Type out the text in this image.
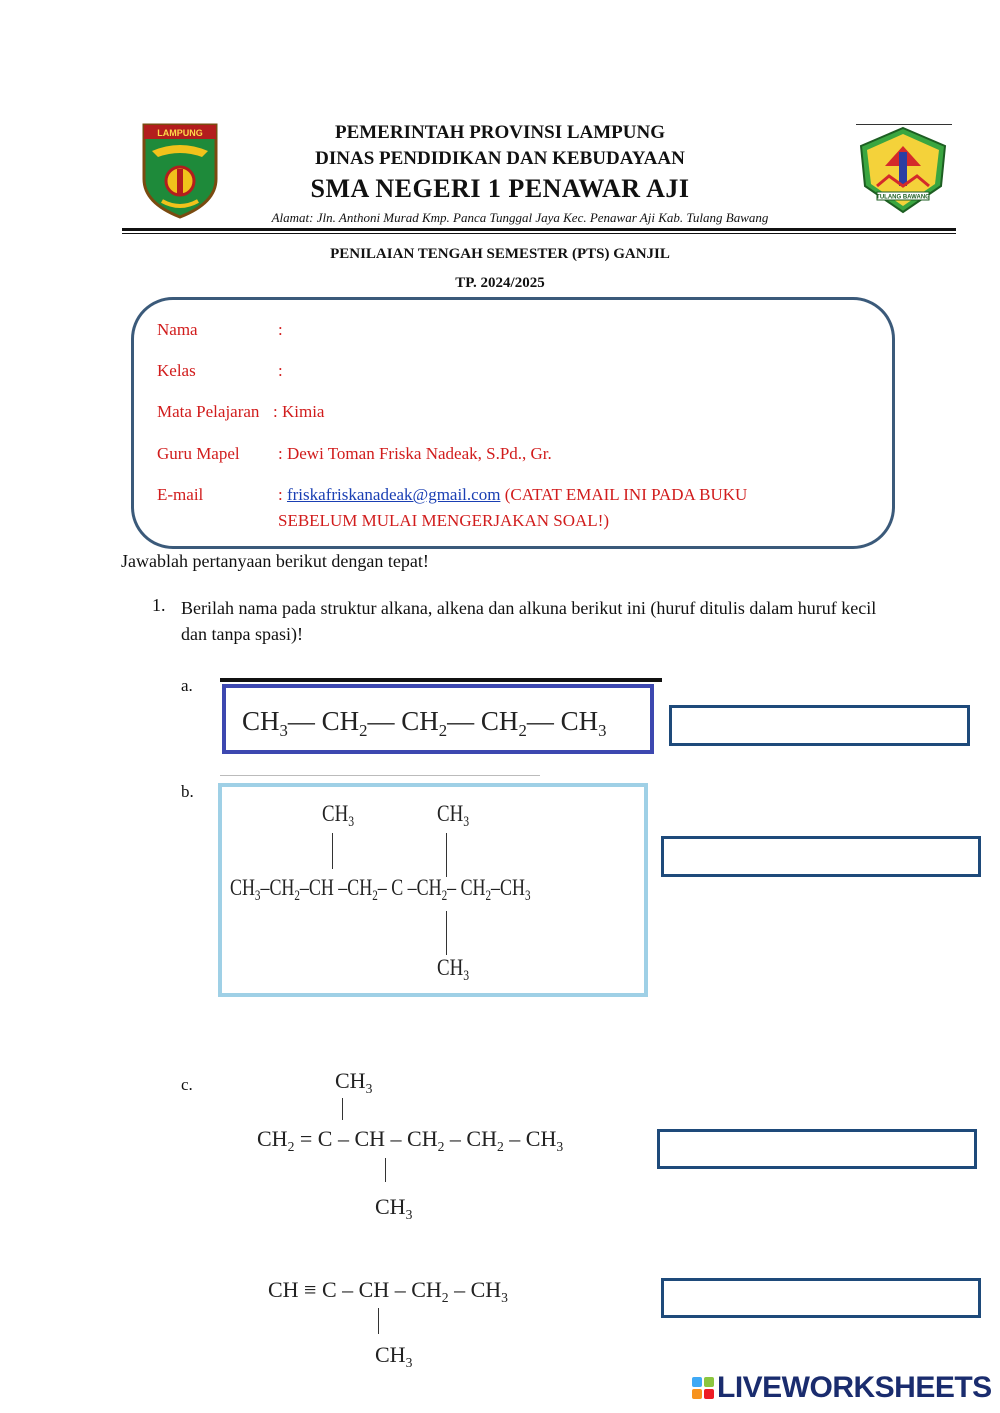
LAMPUNG
TULANG BAWANG
PEMERINTAH PROVINSI LAMPUNG
DINAS PENDIDIKAN DAN KEBUDAYAAN
SMA NEGERI 1 PENAWAR AJI
Alamat: Jln. Anthoni Murad Kmp. Panca Tunggal Jaya Kec. Penawar Aji Kab. Tulang Bawang
PENILAIAN TENGAH SEMESTER (PTS) GANJIL
TP. 2024/2025
Nama	:
Kelas	:
Mata Pelajaran : Kimia
Guru Mapel : Dewi Toman Friska Nadeak, S.Pd., Gr.
E-mail	: friskafriskanadeak@gmail.com (CATAT EMAIL INI PADA BUKU
SEBELUM MULAI MENGERJAKAN SOAL!)
Jawablah pertanyaan berikut dengan tepat!
1. Berilah nama pada struktur alkana, alkena dan alkuna berikut ini (huruf ditulis dalam huruf kecil dan tanpa spasi)!
a.
$CH_3—$ $CH_2—$ $CH_2—$ $CH_2—$ $CH_3$
b.
$CH_3$	$CH_3$
$CH_3-CH_2-CH$ $-CH_2-$ C $-CH_2-$ $CH_2-CH_3$
$CH_3$
c.	$CH_3$
$CH_2 = C$ – CH – $CH_2 - CH_2 - CH_3$
$CH_3$
CH ≡ C – CH – $CH_2 - CH_3$
$CH_3$
LIVEWORKSHEETS
